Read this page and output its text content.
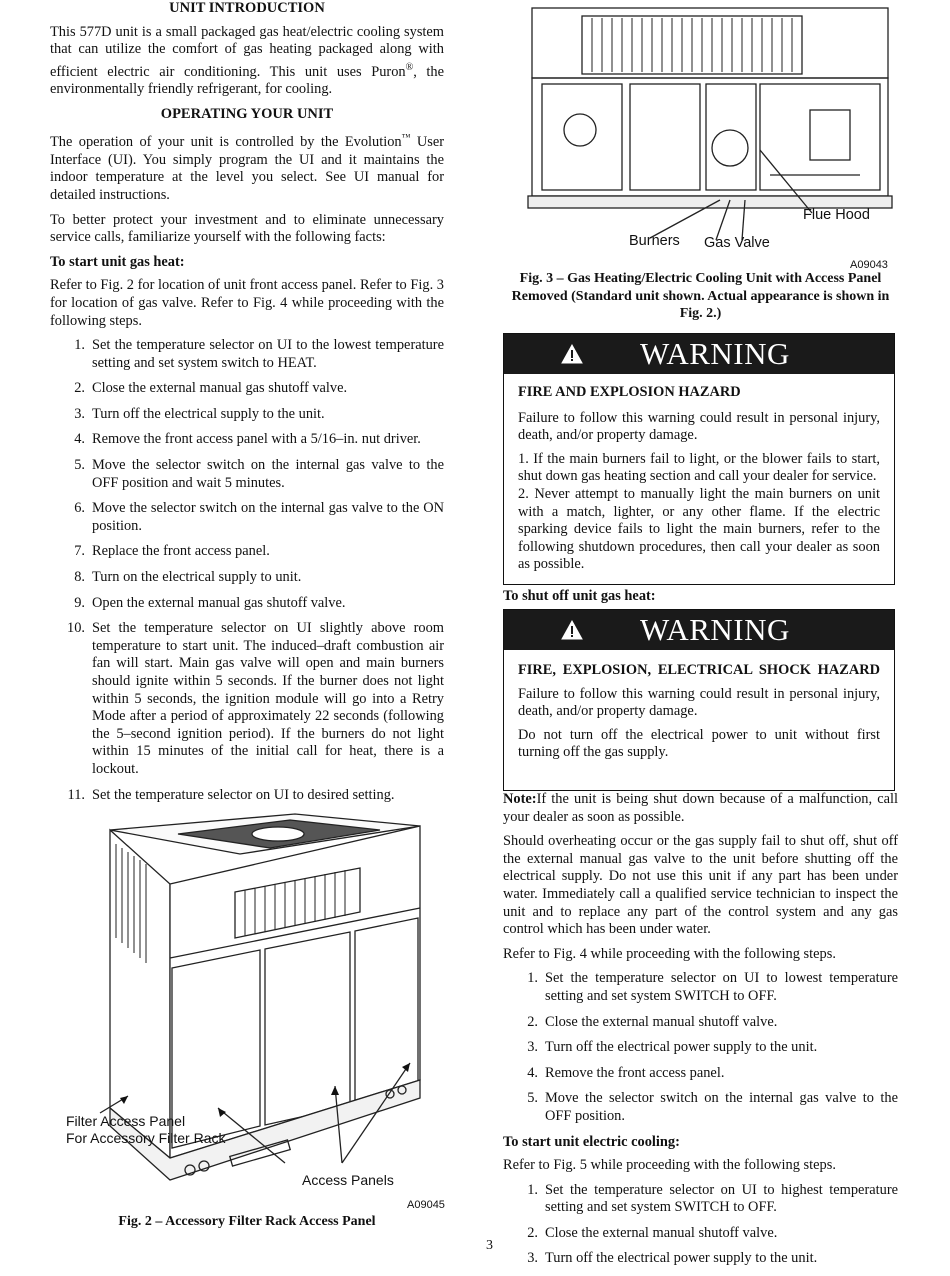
UNIT INTRODUCTION

This 577D unit is a small packaged gas heat/electric cooling system that can utilize the comfort of gas heating packaged along with efficient electric air conditioning. This unit uses Puron®, the environmentally friendly refrigerant, for cooling.

OPERATING YOUR UNIT

The operation of your unit is controlled by the Evolution™ User Interface (UI). You simply program the UI and it maintains the indoor temperature at the level you select. See UI manual for detailed instructions.

To better protect your investment and to eliminate unnecessary service calls, familiarize yourself with the following facts:

To start unit gas heat:

Refer to Fig. 2 for location of unit front access panel. Refer to Fig. 3 for location of gas valve. Refer to Fig. 4 while proceeding with the following steps.

1. Set the temperature selector on UI to the lowest temperature setting and set system switch to HEAT.
2. Close the external manual gas shutoff valve.
3. Turn off the electrical supply to the unit.
4. Remove the front access panel with a 5/16–in. nut driver.
5. Move the selector switch on the internal gas valve to the OFF position and wait 5 minutes.
6. Move the selector switch on the internal gas valve to the ON position.
7. Replace the front access panel.
8. Turn on the electrical supply to unit.
9. Open the external manual gas shutoff valve.
10. Set the temperature selector on UI slightly above room temperature to start unit. The induced–draft combustion air fan will start. Main gas valve will open and main burners should ignite within 5 seconds. If the burner does not light within 5 seconds, the ignition module will go into a Retry Mode after a period of approximately 22 seconds (following the 5–second ignition period). If the burners do not light within 15 minutes of the initial call for heat, there is a lockout.
11. Set the temperature selector on UI to desired setting.
Filter Access Panel
For Accessory Filter Rack
Access Panels
A09045
Fig. 2 – Accessory Filter Rack Access Panel
Flue Hood
Burners Gas Valve
A09043
Fig. 3 – Gas Heating/Electric Cooling Unit with Access Panel Removed (Standard unit shown. Actual appearance is shown in Fig. 2.)
WARNING
FIRE AND EXPLOSION HAZARD

Failure to follow this warning could result in personal injury, death, and/or property damage.

1. If the main burners fail to light, or the blower fails to start, shut down gas heating section and call your dealer for service.

2. Never attempt to manually light the main burners on unit with a match, lighter, or any other flame. If the electric sparking device fails to light the main burners, refer to the following shutdown procedures, then call your dealer as soon as possible.

To shut off unit gas heat:
WARNING
FIRE, EXPLOSION, ELECTRICAL SHOCK HAZARD

Failure to follow this warning could result in personal injury, death, and/or property damage.

Do not turn off the electrical power to unit without first turning off the gas supply.

Note:If the unit is being shut down because of a malfunction, call your dealer as soon as possible.

Should overheating occur or the gas supply fail to shut off, shut off the external manual gas valve to the unit before shutting off the electrical supply. Do not use this unit if any part has been under water. Immediately call a qualified service technician to inspect the unit and to replace any part of the control system and any gas control which has been under water.

Refer to Fig. 4 while proceeding with the following steps.

1. Set the temperature selector on UI to lowest temperature setting and set system SWITCH to OFF.
2. Close the external manual shutoff valve.
3. Turn off the electrical power supply to the unit.
4. Remove the front access panel.
5. Move the selector switch on the internal gas valve to the OFF position.
To start unit electric cooling:

Refer to Fig. 5 while proceeding with the following steps.

1. Set the temperature selector on UI to highest temperature setting and set system SWITCH to OFF.
2. Close the external manual shutoff valve.
3. Turn off the electrical power supply to the unit.
3
